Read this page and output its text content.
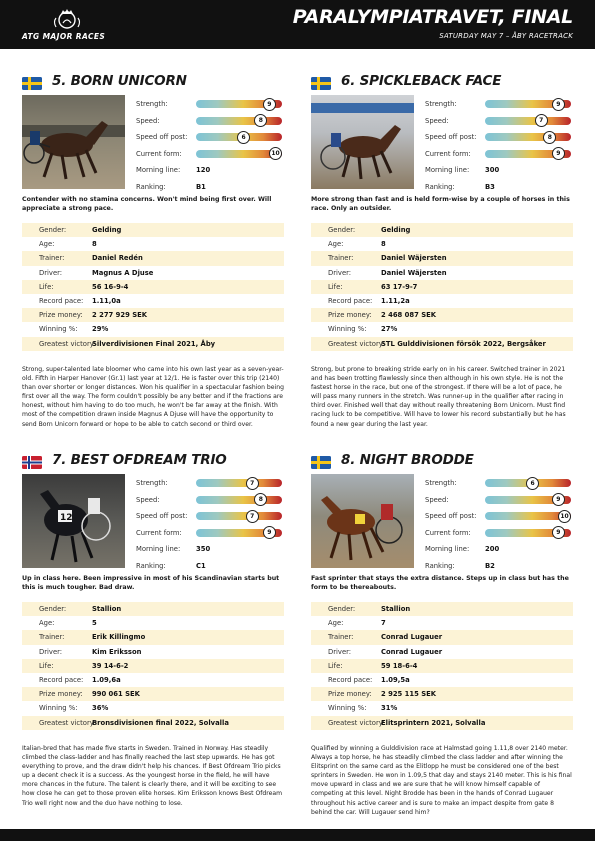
ATG MAJOR RACES
PARALYMPIATRAVET, FINAL
SATURDAY MAY 7 – ÅBY RACETRACK
5. BORN UNICORN
Strength:	9
Speed:	8
Speed off post:	6
Current form:	10
Morning line: 120
Ranking:	B1
Contender with no stamina concerns. Won't mind being first over. Will appreciate a strong pace.
Gender:	Gelding
Age:	8
Trainer:	Daniel Redén
Driver:	Magnus A Djuse
Life:	56 16-9-4
Record pace:	1.11,0a
Prize money:	2 277 929 SEK
Winning %:	29%
Greatest victory:
Silverdivisionen Final 2021, Åby
Strong, super-talented late bloomer who came into his own last year as a seven-year-old. Fifth in Harper Hanover (Gr.1) last year at 12/1. He is faster over this trip (2140) than over shorter or longer distances. Won his qualifier in a spectacular fashion being first over all the way. The form couldn't possibly be any better and if the fractions are honest, without him having to do too much, he won't be far away at the finish. With most of the competition drawn inside Magnus A Djuse will have the opportunity to send Born Unicorn forward or hope to be able to catch second or third over.
6. SPICKLEBACK FACE
Strength:	9
Speed:	7
Speed off post:	8
Current form:	9
Morning line: 300
Ranking:	B3
More strong than fast and is held form-wise by a couple of horses in this race. Only an outsider.
Gender:	Gelding
Age:	8
Trainer:	Daniel Wäjersten
Driver:	Daniel Wäjersten
Life:	63 17-9-7
Record pace:	1.11,2a
Prize money:	2 468 087 SEK
Winning %:	27%
Greatest victory:
STL Gulddivisionen försök 2022, Bergsåker
Strong, but prone to breaking stride early on in his career. Switched trainer in 2021 and has been trotting flawlessly since then although in his own style. He is not the fastest horse in the race, but one of the strongest. If there will be a lot of pace, he will pass many runners in the stretch. Was runner-up in the qualifier after racing in third over. Finished well that day without really threatening Born Unicorn. Must find racing luck to be competitive. Will have to lower his record substantially but he has found a new gear during the last year.
7. BEST OFDREAM TRIO
12
Strength:	7
Speed:	8
Speed off post:	7
Current form:	9
Morning line: 350
Ranking:	C1
Up in class here. Been impressive in most of his Scandinavian starts but this is much tougher. Bad draw.
Gender:	Stallion
Age:	5
Trainer:	Erik Killingmo
Driver:	Kim Eriksson
Life:	39 14-6-2
Record pace:	1.09,6a
Prize money:	990 061 SEK
Winning %:	36%
Greatest victory:
Bronsdivisionen final 2022, Solvalla
Italian-bred that has made five starts in Sweden. Trained in Norway. Has steadily climbed the class-ladder and has finally reached the last step upwards. He has got everything to prove, and the draw didn't help his chances. If Best Ofdream Trio picks up a decent check it is a success. As the youngest horse in the field, he will have more chances in the future. The talent is clearly there, and it will be exciting to see how close he can get to those proven elite horses. Kim Eriksson knows Best Ofdream Trio well right now and the duo have nothing to lose.
8. NIGHT BRODDE
Strength:	6
Speed:	9
Speed off post:	10
Current form:	9
Morning line: 200
Ranking:	B2
Fast sprinter that stays the extra distance. Steps up in class but has the form to be thereabouts.
Gender:	Stallion
Age:	7
Trainer:	Conrad Lugauer
Driver:	Conrad Lugauer
Life:	59 18-6-4
Record pace:	1.09,5a
Prize money:	2 925 115 SEK
Winning %:	31%
Greatest victory:
Elitsprintern 2021, Solvalla
Qualified by winning a Gulddivision race at Halmstad going 1.11,8 over 2140 meter. Always a top horse, he has steadily climbed the class ladder and after winning the Elitsprint on the same card as the Elitlopp he must be considered one of the best sprinters in Sweden. He won in 1.09,5 that day and stays 2140 meter. This is his final move upward in class and we are sure that he will know himself capable of competing at this level. Night Brodde has been in the hands of Conrad Lugauer throughout his active career and is sure to make an impact despite from gate 8 behind the car. Will Lugauer send him?
